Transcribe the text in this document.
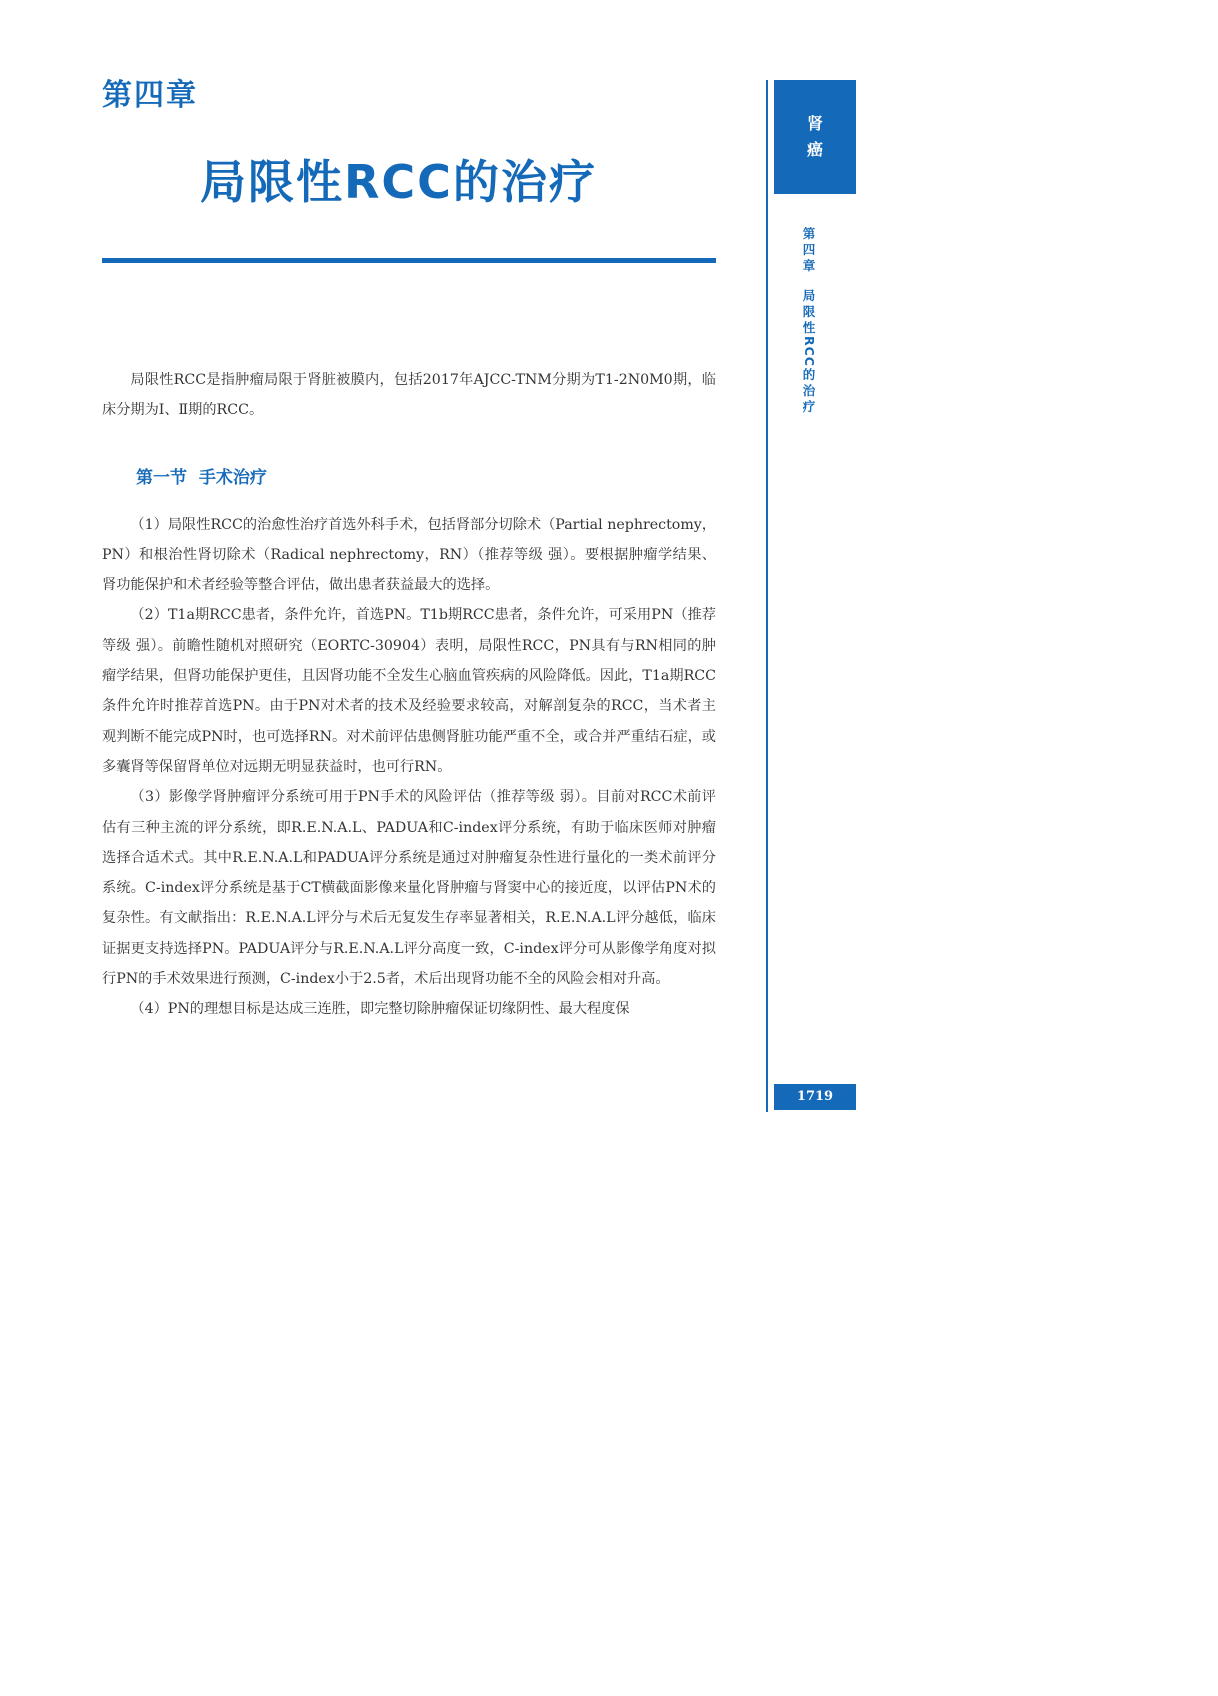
第四章
局限性RCC的治疗

局限性RCC是指肿瘤局限于肾脏被膜内，包括2017年AJCC-TNM分期为T1-2N0M0期，临床分期为Ⅰ、Ⅱ期的RCC。

第一节  手术治疗

（1）局限性RCC的治愈性治疗首选外科手术，包括肾部分切除术（Partial nephrectomy，PN）和根治性肾切除术（Radical nephrectomy，RN）（推荐等级 强）。要根据肿瘤学结果、肾功能保护和术者经验等整合评估，做出患者获益最大的选择。

（2）T1a期RCC患者，条件允许，首选PN。T1b期RCC患者，条件允许，可采用PN（推荐等级 强）。前瞻性随机对照研究（EORTC-30904）表明，局限性RCC，PN具有与RN相同的肿瘤学结果，但肾功能保护更佳，且因肾功能不全发生心脑血管疾病的风险降低。因此，T1a期RCC条件允许时推荐首选PN。由于PN对术者的技术及经验要求较高，对解剖复杂的RCC，当术者主观判断不能完成PN时，也可选择RN。对术前评估患侧肾脏功能严重不全，或合并严重结石症，或多囊肾等保留肾单位对远期无明显获益时，也可行RN。

（3）影像学肾肿瘤评分系统可用于PN手术的风险评估（推荐等级 弱）。目前对RCC术前评估有三种主流的评分系统，即R.E.N.A.L、PADUA和C-index评分系统，有助于临床医师对肿瘤选择合适术式。其中R.E.N.A.L和PADUA评分系统是通过对肿瘤复杂性进行量化的一类术前评分系统。C-index评分系统是基于CT横截面影像来量化肾肿瘤与肾窦中心的接近度，以评估PN术的复杂性。有文献指出：R.E.N.A.L评分与术后无复发生存率显著相关，R.E.N.A.L评分越低，临床证据更支持选择PN。PADUA评分与R.E.N.A.L评分高度一致，C-index评分可从影像学角度对拟行PN的手术效果进行预测，C-index小于2.5者，术后出现肾功能不全的风险会相对升高。

（4）PN的理想目标是达成三连胜，即完整切除肿瘤保证切缘阴性、最大程度保

肾癌
第四章
局限性
RCC
的治疗
1719
